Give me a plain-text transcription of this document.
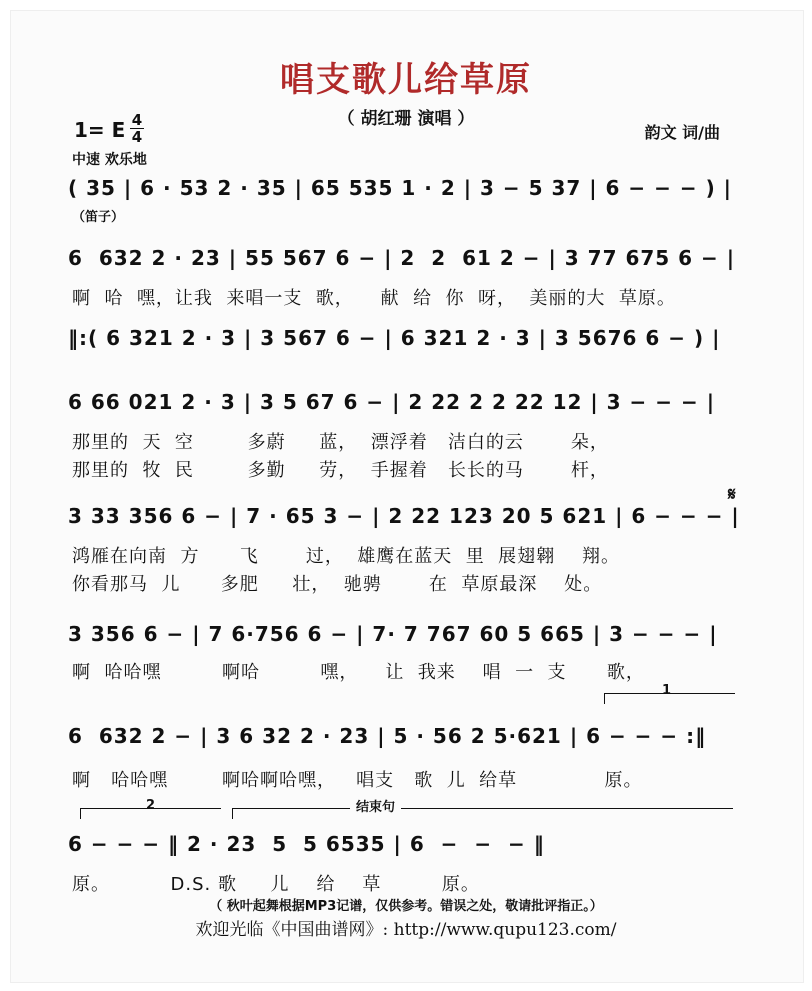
唱支歌儿给草原
（ 胡红珊 演唱 ）
1= E 4
4	韵文 词/曲
中速 欢乐地
( 35 | 6 · 53 2 · 35 | 65 535 1 · 2 | 3 − 5 37 | 6 − − − ) |
（笛子）
6  632 2 · 23 | 55 567 6 − | 2  2  61 2 − | 3 77 675 6 − |
啊  哈  嘿，让我  来唱一支  歌，    献  给  你  呀，  美丽的大  草原。
‖:( 6 321 2 · 3 | 3 567 6 − | 6 321 2 · 3 | 3 5676 6 − ) |
6 66 021 2 · 3 | 3 5 67 6 − | 2 22 2 2 22 12 | 3 − − − |
那里的  天  空        多蔚     蓝，  漂浮着   洁白的云       朵，
那里的  牧  民        多勤     劳，  手握着   长长的马       杆，
𝄋
3 33 356 6 − | 7 · 65 3 − | 2 22 123 20 5 621 | 6 − − − |
鸿雁在向南  方      飞       过，  雄鹰在蓝天  里  展翅翱    翔。
你看那马  儿      多肥     壮，  驰骋       在  草原最深    处。
3 356 6 − | 7 6·756 6 − | 7· 7 767 60 5 665 | 3 − − − |
啊  哈哈嘿         啊哈         嘿，    让  我来    唱  一  支      歌，
1
6  632 2 − | 3 6 32 2 · 23 | 5 · 56 2 5·621 | 6 − − − :‖
啊   哈哈嘿        啊哈啊哈嘿，   唱支   歌  儿  给草             原。
2	结束句
6 − − − ‖ 2 · 23  5  5 6535 | 6  −  −  − ‖
原。         D.S. 歌     儿    给    草         原。
（ 秋叶起舞根据MP3记谱，仅供参考。错误之处，敬请批评指正。）
欢迎光临《中国曲谱网》: http://www.qupu123.com/
